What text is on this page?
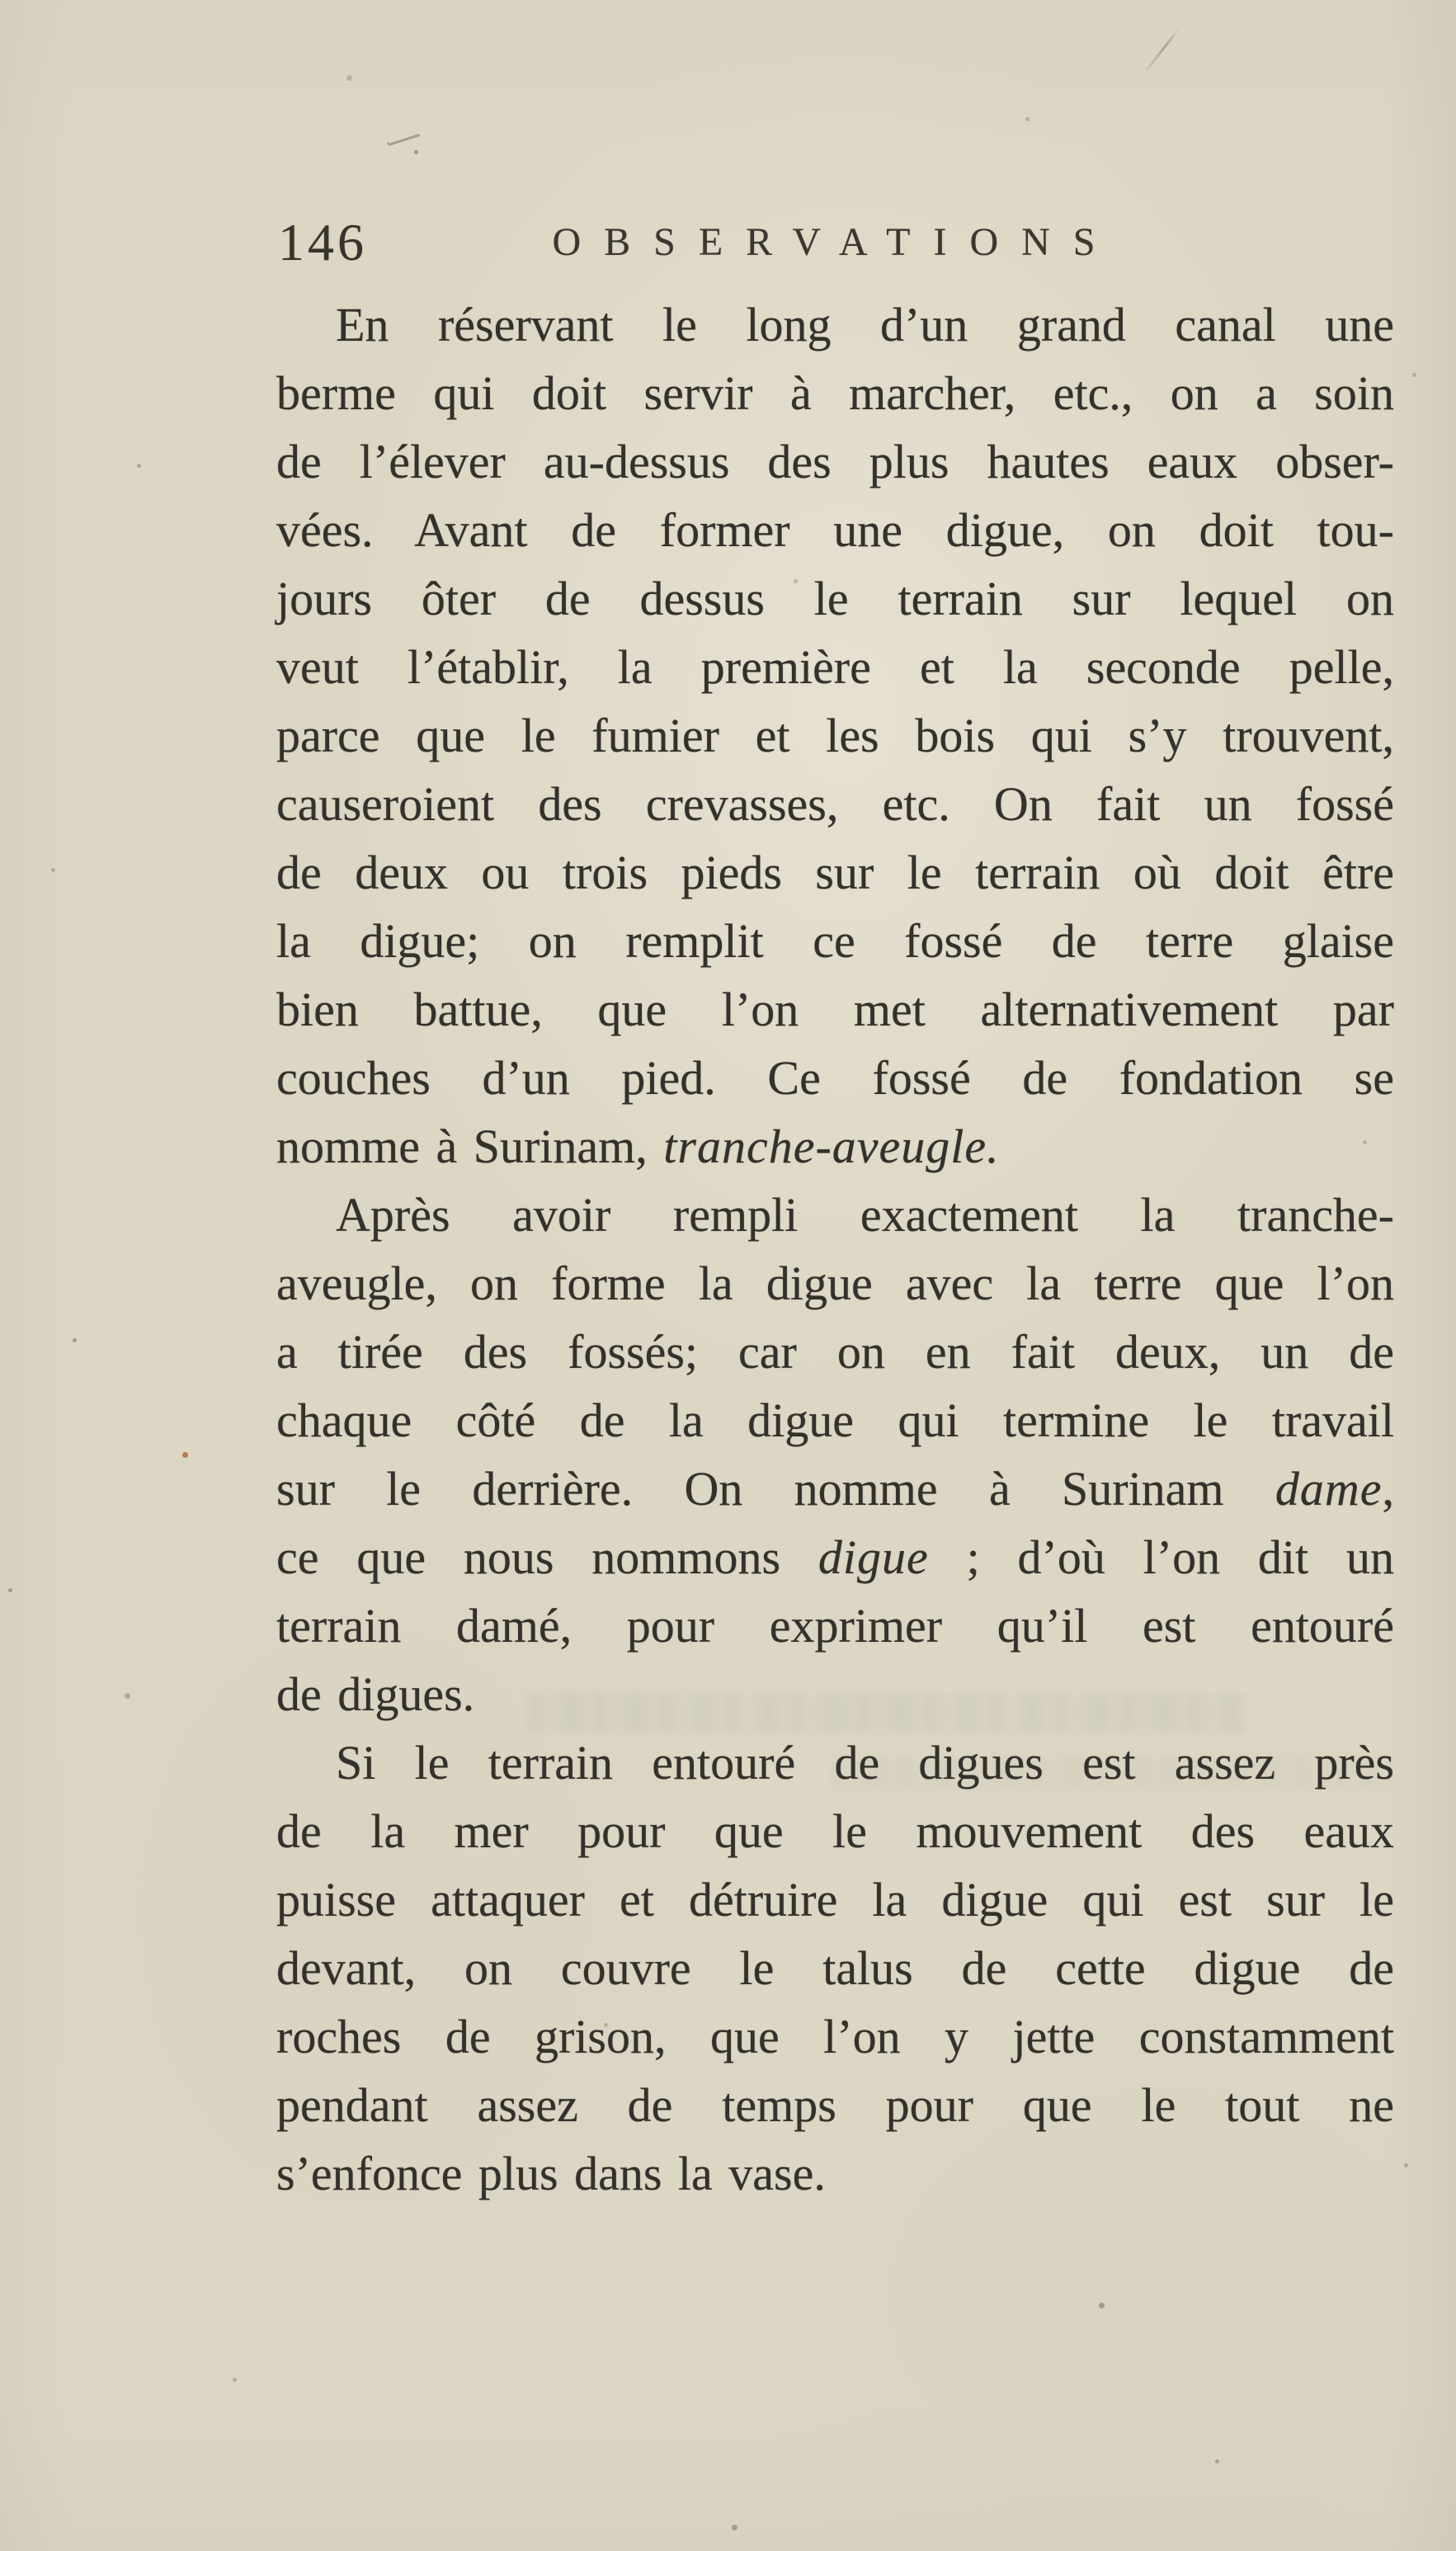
146	OBSERVATIONS
En réservant le long d’un grand canal une
berme qui doit servir à marcher, etc., on a soin
de l’élever au-dessus des plus hautes eaux obser-
vées. Avant de former une digue, on doit tou-
jours ôter de dessus le terrain sur lequel on
veut l’établir, la première et la seconde pelle,
parce que le fumier et les bois qui s’y trouvent,
causeroient des crevasses, etc. On fait un fossé
de deux ou trois pieds sur le terrain où doit être
la digue; on remplit ce fossé de terre glaise
bien battue, que l’on met alternativement par
couches d’un pied. Ce fossé de fondation se
nomme à Surinam, tranche-aveugle.
Après avoir rempli exactement la tranche-
aveugle, on forme la digue avec la terre que l’on
a tirée des fossés; car on en fait deux, un de
chaque côté de la digue qui termine le travail
sur le derrière. On nomme à Surinam dame,
ce que nous nommons digue ; d’où l’on dit un
terrain damé, pour exprimer qu’il est entouré
de digues.
Si le terrain entouré de digues est assez près
de la mer pour que le mouvement des eaux
puisse attaquer et détruire la digue qui est sur le
devant, on couvre le talus de cette digue de
roches de grison, que l’on y jette constamment
pendant assez de temps pour que le tout ne
s’enfonce plus dans la vase.
